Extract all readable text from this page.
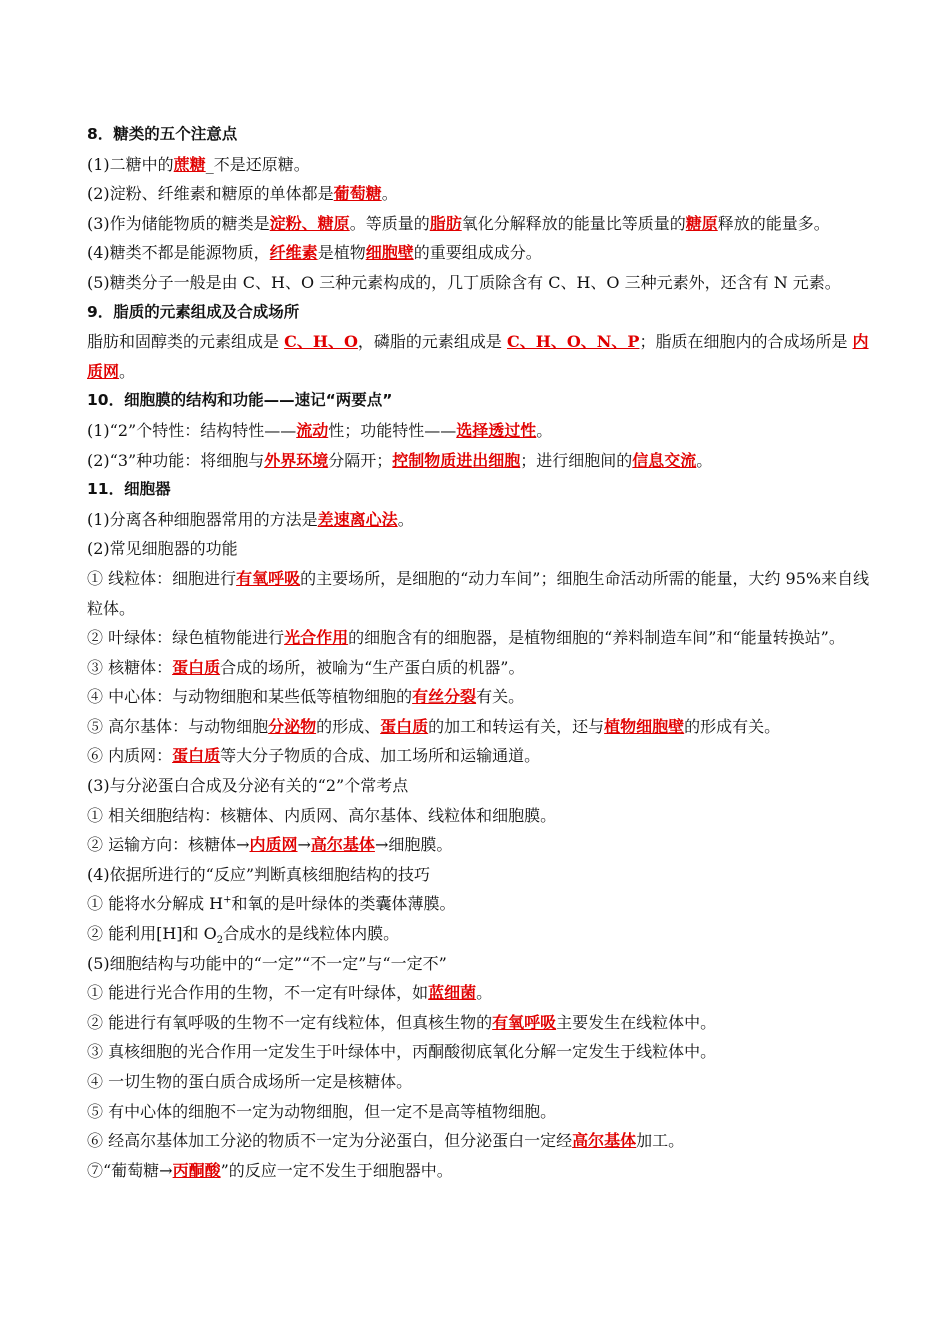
8．糖类的五个注意点
(1)二糖中的蔗糖_不是还原糖。
(2)淀粉、纤维素和糖原的单体都是葡萄糖。
(3)作为储能物质的糖类是淀粉、糖原。等质量的脂肪氧化分解释放的能量比等质量的糖原释放的能量多。
(4)糖类不都是能源物质，纤维素是植物细胞壁的重要组成成分。
(5)糖类分子一般是由 C、H、O 三种元素构成的，几丁质除含有 C、H、O 三种元素外，还含有 N 元素。
9．脂质的元素组成及合成场所
脂肪和固醇类的元素组成是 C、H、O，磷脂的元素组成是 C、H、O、N、P；脂质在细胞内的合成场所是 内质网。
10．细胞膜的结构和功能——速记“两要点”
(1)“2”个特性：结构特性——流动性；功能特性——选择透过性。
(2)“3”种功能：将细胞与外界环境分隔开；控制物质进出细胞；进行细胞间的信息交流。
11．细胞器
(1)分离各种细胞器常用的方法是差速离心法。
(2)常见细胞器的功能
① 线粒体：细胞进行有氧呼吸的主要场所，是细胞的“动力车间”；细胞生命活动所需的能量，大约 95%来自线粒体。
② 叶绿体：绿色植物能进行光合作用的细胞含有的细胞器，是植物细胞的“养料制造车间”和“能量转换站”。
③ 核糖体：蛋白质合成的场所，被喻为“生产蛋白质的机器”。
④ 中心体：与动物细胞和某些低等植物细胞的有丝分裂有关。
⑤ 高尔基体：与动物细胞分泌物的形成、蛋白质的加工和转运有关，还与植物细胞壁的形成有关。
⑥ 内质网：蛋白质等大分子物质的合成、加工场所和运输通道。
(3)与分泌蛋白合成及分泌有关的“2”个常考点
① 相关细胞结构：核糖体、内质网、高尔基体、线粒体和细胞膜。
② 运输方向：核糖体→内质网→高尔基体→细胞膜。
(4)依据所进行的“反应”判断真核细胞结构的技巧
① 能将水分解成 H+和氧的是叶绿体的类囊体薄膜。
② 能利用[H]和 $O_2$合成水的是线粒体内膜。
(5)细胞结构与功能中的“一定”“不一定”与“一定不”
① 能进行光合作用的生物，不一定有叶绿体，如蓝细菌。
② 能进行有氧呼吸的生物不一定有线粒体，但真核生物的有氧呼吸主要发生在线粒体中。
③ 真核细胞的光合作用一定发生于叶绿体中，丙酮酸彻底氧化分解一定发生于线粒体中。
④ 一切生物的蛋白质合成场所一定是核糖体。
⑤ 有中心体的细胞不一定为动物细胞，但一定不是高等植物细胞。
⑥ 经高尔基体加工分泌的物质不一定为分泌蛋白，但分泌蛋白一定经高尔基体加工。
⑦“葡萄糖→丙酮酸”的反应一定不发生于细胞器中。
